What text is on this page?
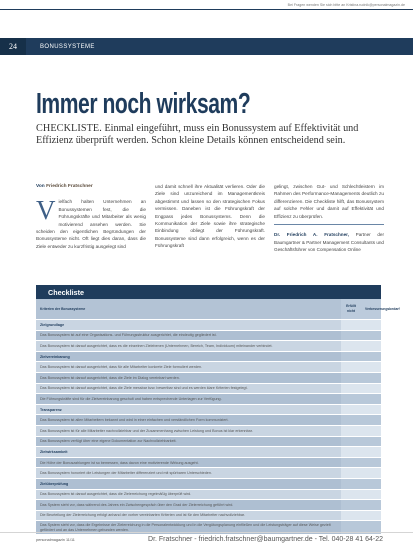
Bei Fragen wenden Sie sich bitte an Kristina.rudnik@personalmagazin.de
24	BONUSSYSTEME
Immer noch wirksam?
CHECKLISTE. Einmal eingeführt, muss ein Bonussystem auf Effektivität und Effizienz überprüft werden. Schon kleine Details können entscheidend sein.
Von Friedrich Fratschner
V ielfach halten Unternehmen an Bonussystemen fest, die die Führungskräfte und Mitarbeiter als wenig motivierend ansehen werden. Sie scheiden den eigentlichen Begründungen der Bonussysteme nicht. Oft liegt dies daran, dass die Ziele entweder zu kurzfristig ausgelegt sind
und damit schnell ihre Aktualität verlieren. Oder die Ziele sind unzureichend im Managementkreis abgestimmt und lassen so den strategischen Fokus vermissen. Daneben ist die Führungskraft der Engpass jedes Bonussystems. Denn die Kommunikation der Ziele sowie ihre strategische Einbindung obliegt der Führungskraft. Bonussysteme sind dann erfolgreich, wenn es der Führungskraft
gelingt, zwischen Gut- und Schlechtleistern im Rahmen des Performance-Managements deutlich zu differenzieren. Die Checkliste hilft, das Bonussystem auf solche Fehler und damit auf Effektivität und Effizienz zu überprüfen.
Dr. Friedrich A. Fratschner, Partner der Baumgartner & Partner Management Consultants und Geschäftsführer von Compensation Online
Checkliste
Kriterien der Bonussysteme	Erfüllt nicht	Verbesserungsbedarf
Zielgrundlage		
Das Bonussystem ist auf eine Organisations- und Führungsstruktur ausgerichtet, die eindeutig gegliedert ist.		
Das Bonussystem ist darauf ausgerichtet, dass es die einzelnen Zielebenen (Unternehmen, Bereich, Team, Individuum) miteinander verbindet.		
Zielvereinbarung		
Das Bonussystem ist darauf ausgerichtet, dass für alle Mitarbeiter konkrete Ziele formuliert werden.		
Das Bonussystem ist darauf ausgerichtet, dass die Ziele im Dialog vereinbart werden.		
Das Bonussystem ist darauf ausgerichtet, dass die Ziele messbar bzw. bewertbar sind und es werden klare Kriterien festgelegt.		
Die Führungskräfte sind für die Zielvereinbarung geschult und haben entsprechende Unterlagen zur Verfügung.		
Transparenz		
Das Bonussystem ist allen Mitarbeitern bekannt und wird in einer einfachen und verständlichen Form kommuniziert.		
Das Bonussystem ist für alle Mitarbeiter nachvollziehbar und der Zusammenhang zwischen Leistung und Bonus ist klar erkennbar.		
Das Bonussystem verfügt über eine eigene Dokumentation zur Nachvollziehbarkeit.		
Zielwirksamkeit		
Die Höhe der Bonuszahlungen ist so bemessen, dass davon eine motivierende Wirkung ausgeht.		
Das Bonussystem honoriert die Leistungen der Mitarbeiter differenziert und mit spürbaren Unterschieden.		
Zielüberprüfung		
Das Bonussystem ist darauf ausgerichtet, dass die Zielerreichung regelmäßig überprüft wird.		
Das System sieht vor, dass während des Jahres ein Zwischengespräch über den Grad der Zielerreichung geführt wird.		
Die Beurteilung der Zielerreichung erfolgt anhand der vorher vereinbarten Kriterien und ist für den Mitarbeiter nachvollziehbar.		
Das System sieht vor, dass die Ergebnisse der Zielerreichung in die Personalentwicklung und in die Vergütungsplanung einfließen und die Leistungsträger auf diese Weise gezielt gefördert und an das Unternehmen gebunden werden.		
personalmagazin 11/11	Dr. Fratschner - friedrich.fratschner@baumgartner.de - Tel. 040-28 41 64-22
